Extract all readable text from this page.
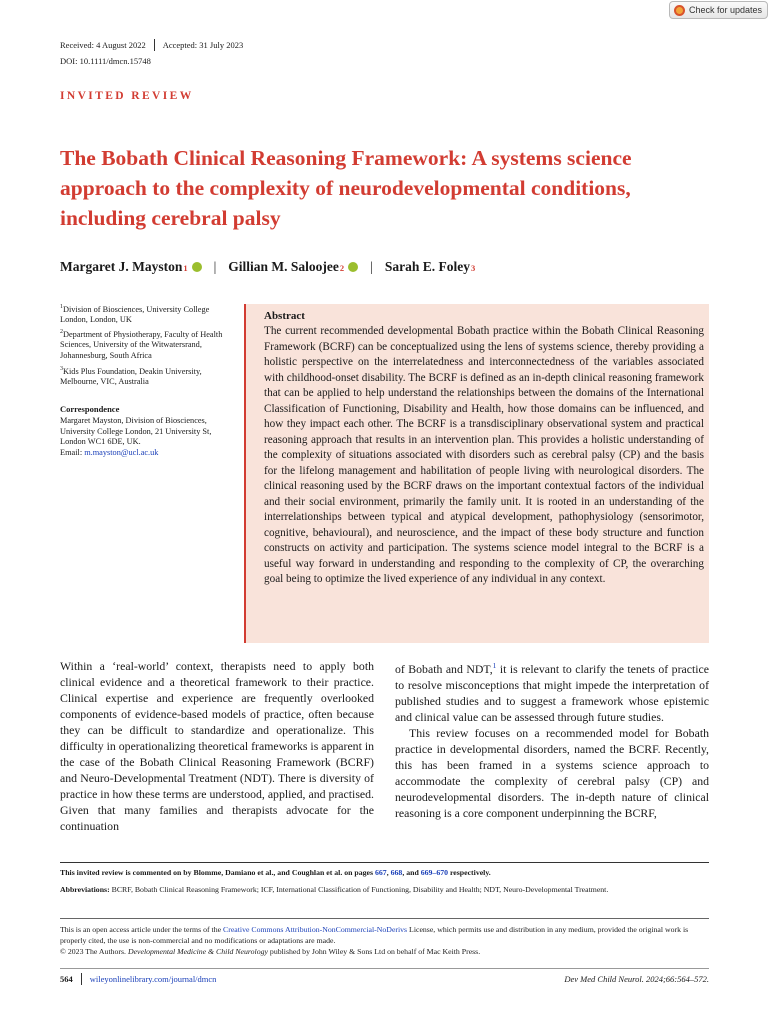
Check for updates
Received: 4 August 2022 Accepted: 31 July 2023
DOI: 10.1111/dmcn.15748
INVITED REVIEW
The Bobath Clinical Reasoning Framework: A systems science approach to the complexity of neurodevelopmental conditions, including cerebral palsy
Margaret J. Mayston 1 | Gillian M. Saloojee 2 | Sarah E. Foley 3
$^1$Division of Biosciences, University College London, London, UK
$^2$Department of Physiotherapy, Faculty of Health Sciences, University of the Witwatersrand, Johannesburg, South Africa
$^3$Kids Plus Foundation, Deakin University, Melbourne, VIC, Australia
Correspondence
Margaret Mayston, Division of Biosciences, University College London, 21 University St, London WC1 6DE, UK.
Email: m.mayston@ucl.ac.uk
Abstract

The current recommended developmental Bobath practice within the Bobath Clinical Reasoning Framework (BCRF) can be conceptualized using the lens of systems science, thereby providing a holistic perspective on the interrelatedness and interconnectedness of the variables associated with childhood-onset disability. The BCRF is defined as an in-depth clinical reasoning framework that can be applied to help understand the relationships between the domains of the International Classification of Functioning, Disability and Health, how those domains can be influenced, and how they impact each other. The BCRF is a transdisciplinary observational system and practical reasoning approach that results in an intervention plan. This provides a holistic understanding of the complexity of situations associated with disorders such as cerebral palsy (CP) and the basis for the lifelong management and habilitation of people living with neurological disorders. The clinical reasoning used by the BCRF draws on the important contextual factors of the individual and their social environment, primarily the family unit. It is rooted in an understanding of the interrelationships between typical and atypical development, pathophysiology (sensorimotor, cognitive, behavioural), and neuroscience, and the impact of these body structure and function constructs on activity and participation. The systems science model integral to the BCRF is a useful way forward in understanding and responding to the complexity of CP, the overarching goal being to optimize the lived experience of any individual in any context.

Within a ‘real-world’ context, therapists need to apply both clinical evidence and a theoretical framework to their practice. Clinical expertise and experience are frequently overlooked components of evidence-based models of practice, often because they can be difficult to standardize and operationalize. This difficulty in operationalizing theoretical frameworks is apparent in the case of the Bobath Clinical Reasoning Framework (BCRF) and Neuro-Developmental Treatment (NDT). There is diversity of practice in how these terms are understood, applied, and practised. Given that many families and therapists advocate for the continuation

of Bobath and NDT,$^1$ it is relevant to clarify the tenets of practice to resolve misconceptions that might impede the interpretation of published studies and to suggest a framework whose epistemic and clinical value can be assessed through future studies.

This review focuses on a recommended model for Bobath practice in developmental disorders, named the BCRF. Recently, this has been framed in a systems science approach to accommodate the complexity of cerebral palsy (CP) and neurodevelopmental disorders. The in-depth nature of clinical reasoning is a core component underpinning the BCRF,

This invited review is commented on by Blomme, Damiano et al., and Coughlan et al. on pages 667, 668, and 669–670 respectively.
Abbreviations: BCRF, Bobath Clinical Reasoning Framework; ICF, International Classification of Functioning, Disability and Health; NDT, Neuro-Developmental Treatment.
This is an open access article under the terms of the Creative Commons Attribution-NonCommercial-NoDerivs License, which permits use and distribution in any medium, provided the original work is properly cited, the use is non-commercial and no modifications or adaptations are made.
© 2023 The Authors. Developmental Medicine & Child Neurology published by John Wiley & Sons Ltd on behalf of Mac Keith Press.
564 wileyonlinelibrary.com/journal/dmcn	Dev Med Child Neurol. 2024;66:564–572.
